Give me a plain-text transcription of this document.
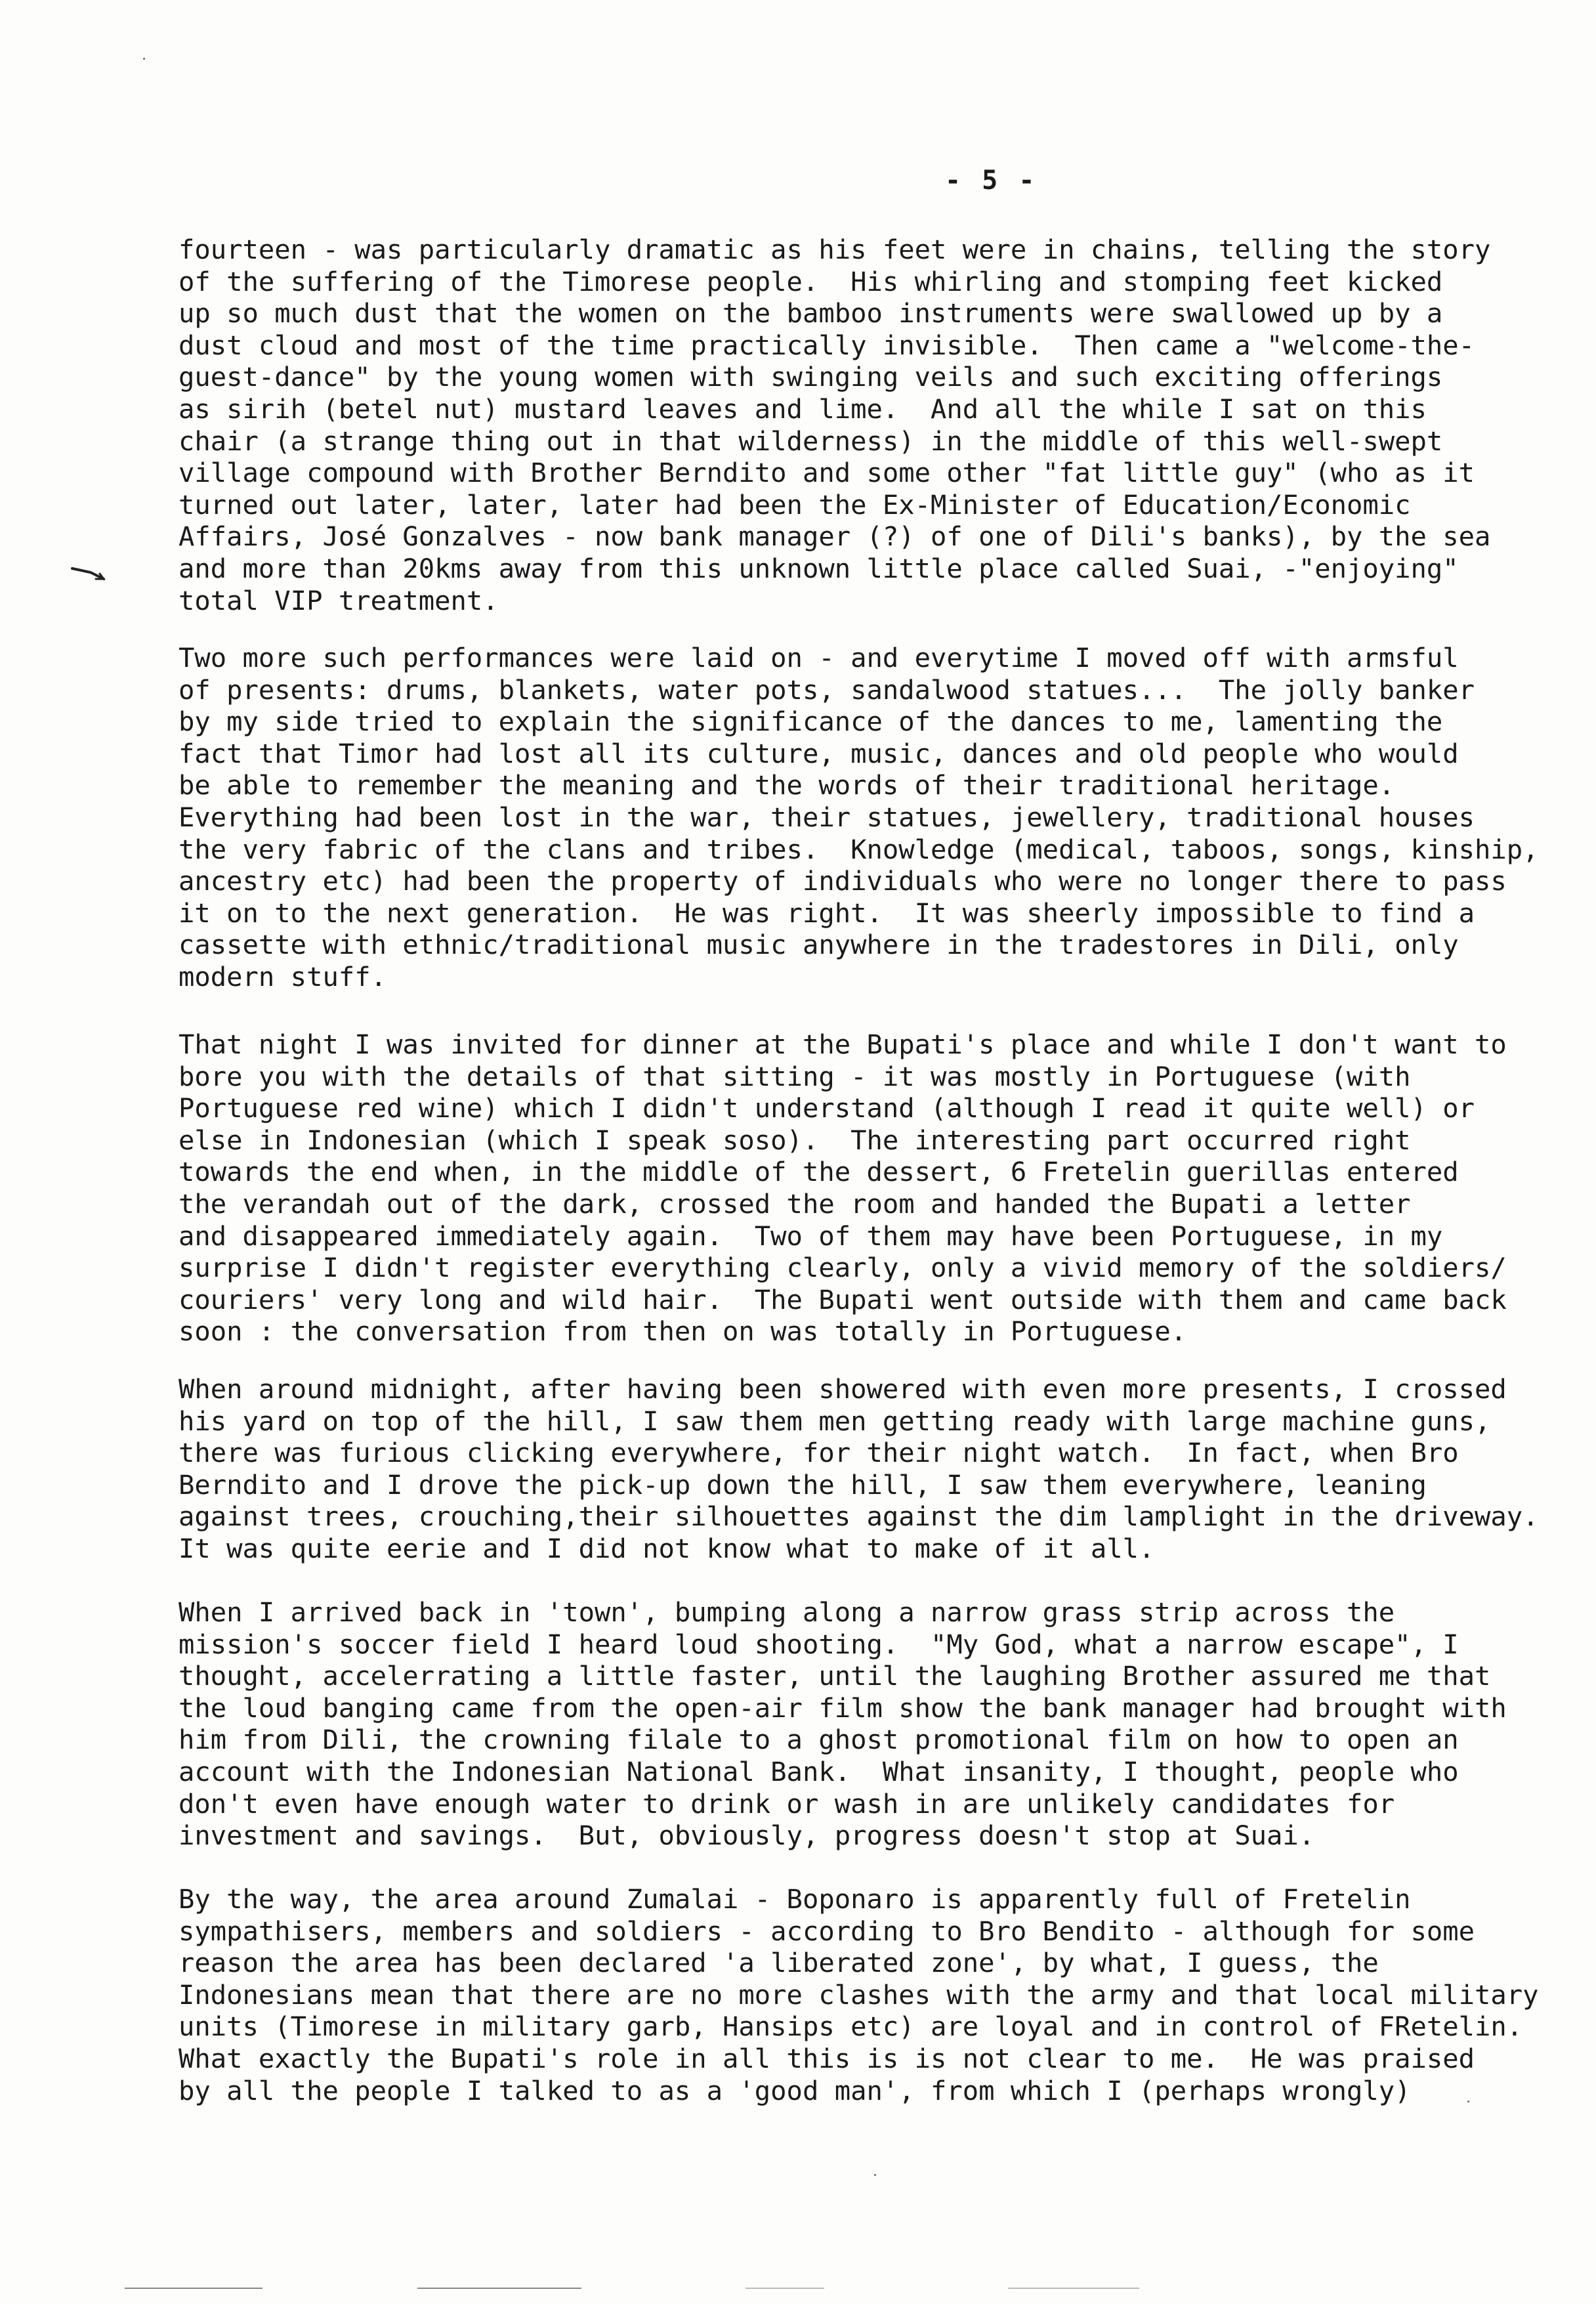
- 5 -
fourteen - was particularly dramatic as his feet were in chains, telling the story
of the suffering of the Timorese people.  His whirling and stomping feet kicked
up so much dust that the women on the bamboo instruments were swallowed up by a
dust cloud and most of the time practically invisible.  Then came a "welcome-the-
guest-dance" by the young women with swinging veils and such exciting offerings
as sirih (betel nut) mustard leaves and lime.  And all the while I sat on this
chair (a strange thing out in that wilderness) in the middle of this well-swept
village compound with Brother Berndito and some other "fat little guy" (who as it
turned out later, later, later had been the Ex-Minister of Education/Economic
Affairs, José Gonzalves - now bank manager (?) of one of Dili's banks), by the sea
and more than 20kms away from this unknown little place called Suai, -"enjoying"
total VIP treatment.
Two more such performances were laid on - and everytime I moved off with armsful
of presents: drums, blankets, water pots, sandalwood statues...  The jolly banker
by my side tried to explain the significance of the dances to me, lamenting the
fact that Timor had lost all its culture, music, dances and old people who would
be able to remember the meaning and the words of their traditional heritage.
Everything had been lost in the war, their statues, jewellery, traditional houses
the very fabric of the clans and tribes.  Knowledge (medical, taboos, songs, kinship,
ancestry etc) had been the property of individuals who were no longer there to pass
it on to the next generation.  He was right.  It was sheerly impossible to find a
cassette with ethnic/traditional music anywhere in the tradestores in Dili, only
modern stuff.
That night I was invited for dinner at the Bupati's place and while I don't want to
bore you with the details of that sitting - it was mostly in Portuguese (with
Portuguese red wine) which I didn't understand (although I read it quite well) or
else in Indonesian (which I speak soso).  The interesting part occurred right
towards the end when, in the middle of the dessert, 6 Fretelin guerillas entered
the verandah out of the dark, crossed the room and handed the Bupati a letter
and disappeared immediately again.  Two of them may have been Portuguese, in my
surprise I didn't register everything clearly, only a vivid memory of the soldiers/
couriers' very long and wild hair.  The Bupati went outside with them and came back
soon : the conversation from then on was totally in Portuguese.
When around midnight, after having been showered with even more presents, I crossed
his yard on top of the hill, I saw them men getting ready with large machine guns,
there was furious clicking everywhere, for their night watch.  In fact, when Bro
Berndito and I drove the pick-up down the hill, I saw them everywhere, leaning
against trees, crouching,their silhouettes against the dim lamplight in the driveway.
It was quite eerie and I did not know what to make of it all.
When I arrived back in 'town', bumping along a narrow grass strip across the
mission's soccer field I heard loud shooting.  "My God, what a narrow escape", I
thought, accelerrating a little faster, until the laughing Brother assured me that
the loud banging came from the open-air film show the bank manager had brought with
him from Dili, the crowning filale to a ghost promotional film on how to open an
account with the Indonesian National Bank.  What insanity, I thought, people who
don't even have enough water to drink or wash in are unlikely candidates for
investment and savings.  But, obviously, progress doesn't stop at Suai.
By the way, the area around Zumalai - Boponaro is apparently full of Fretelin
sympathisers, members and soldiers - according to Bro Bendito - although for some
reason the area has been declared 'a liberated zone', by what, I guess, the
Indonesians mean that there are no more clashes with the army and that local military
units (Timorese in military garb, Hansips etc) are loyal and in control of FRetelin.
What exactly the Bupati's role in all this is is not clear to me.  He was praised
by all the people I talked to as a 'good man', from which I (perhaps wrongly)
